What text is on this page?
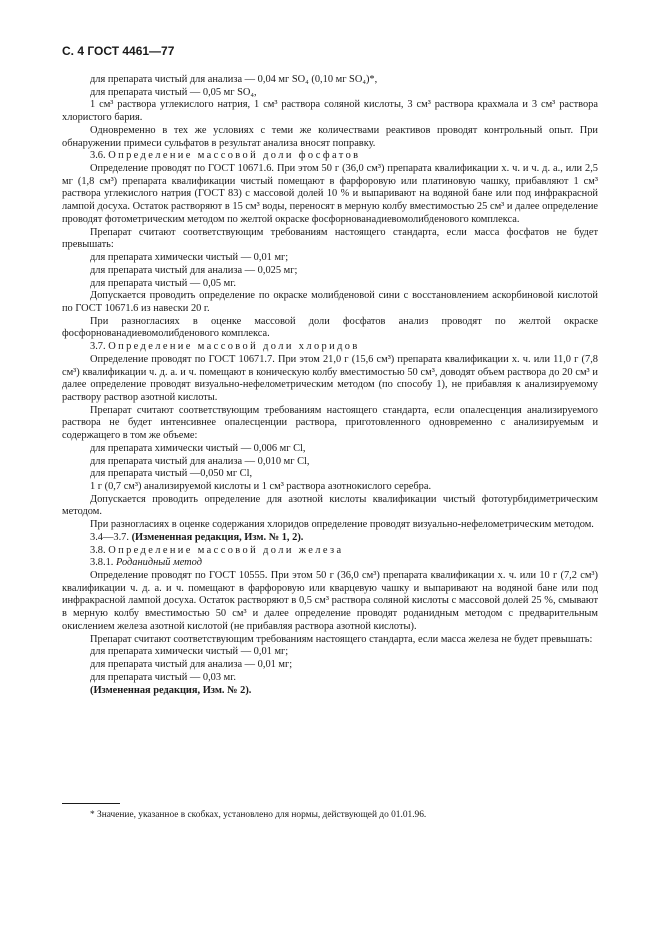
С. 4 ГОСТ 4461—77

для препарата чистый для анализа — 0,04 мг SO₄ (0,10 мг SO₄)*,

для препарата чистый — 0,05 мг SO₄,

1 см³ раствора углекислого натрия, 1 см³ раствора соляной кислоты, 3 см³ раствора крахмала и 3 см³ раствора хлористого бария.

Одновременно в тех же условиях с теми же количествами реактивов проводят контрольный опыт. При обнаружении примеси сульфатов в результат анализа вносят поправку.

3.6. Определение массовой доли фосфатов

Определение проводят по ГОСТ 10671.6. При этом 50 г (36,0 см³) препарата квалификации х. ч. и ч. д. а., или 2,5 мг (1,8 см³) препарата квалификации чистый помещают в фарфоровую или платиновую чашку, прибавляют 1 см³ раствора углекислого натрия (ГОСТ 83) с массовой долей 10 % и выпаривают на водяной бане или под инфракрасной лампой досуха. Остаток растворяют в 15 см³ воды, переносят в мерную колбу вместимостью 25 см³ и далее определение проводят фотометрическим методом по желтой окраске фосфорнованадиевомолибденового комплекса.

Препарат считают соответствующим требованиям настоящего стандарта, если масса фосфатов не будет превышать:

для препарата химически чистый — 0,01 мг;

для препарата чистый для анализа — 0,025 мг;

для препарата чистый — 0,05 мг.

Допускается проводить определение по окраске молибденовой сини с восстановлением аскорбиновой кислотой по ГОСТ 10671.6 из навески 20 г.

При разногласиях в оценке массовой доли фосфатов анализ проводят по желтой окраске фосфорнованадиевомолибденового комплекса.

3.7. Определение массовой доли хлоридов

Определение проводят по ГОСТ 10671.7. При этом 21,0 г (15,6 см³) препарата квалификации х. ч. или 11,0 г (7,8 см³) квалификации ч. д. а. и ч. помещают в коническую колбу вместимостью 50 см³, доводят объем раствора до 20 см³ и далее определение проводят визуально-нефелометрическим методом (по способу 1), не прибавляя к анализируемому раствору раствор азотной кислоты.

Препарат считают соответствующим требованиям настоящего стандарта, если опалесценция анализируемого раствора не будет интенсивнее опалесценции раствора, приготовленного одновременно с анализируемым и содержащего в том же объеме:

для препарата химически чистый — 0,006 мг Cl,

для препарата чистый для анализа — 0,010 мг Cl,

для препарата чистый —0,050 мг Cl,

1 г (0,7 см³) анализируемой кислоты и 1 см³ раствора азотнокислого серебра.

Допускается проводить определение для азотной кислоты квалификации чистый фототурбидиметрическим методом.

При разногласиях в оценке содержания хлоридов определение проводят визуально-нефелометрическим методом.

3.4—3.7. (Измененная редакция, Изм. № 1, 2).

3.8. Определение массовой доли железа

3.8.1. Роданидный метод

Определение проводят по ГОСТ 10555. При этом 50 г (36,0 см³) препарата квалификации х. ч. или 10 г (7,2 см³) квалификации ч. д. а. и ч. помещают в фарфоровую или кварцевую чашку и выпаривают на водяной бане или под инфракрасной лампой досуха. Остаток растворяют в 0,5 см³ раствора соляной кислоты с массовой долей 25 %, смывают в мерную колбу вместимостью 50 см³ и далее определение проводят роданидным методом с предварительным окислением железа азотной кислотой (не прибавляя раствора азотной кислоты).

Препарат считают соответствующим требованиям настоящего стандарта, если масса железа не будет превышать:

для препарата химически чистый — 0,01 мг;

для препарата чистый для анализа — 0,01 мг;

для препарата чистый — 0,03 мг.

(Измененная редакция, Изм. № 2).

* Значение, указанное в скобках, установлено для нормы, действующей до 01.01.96.
